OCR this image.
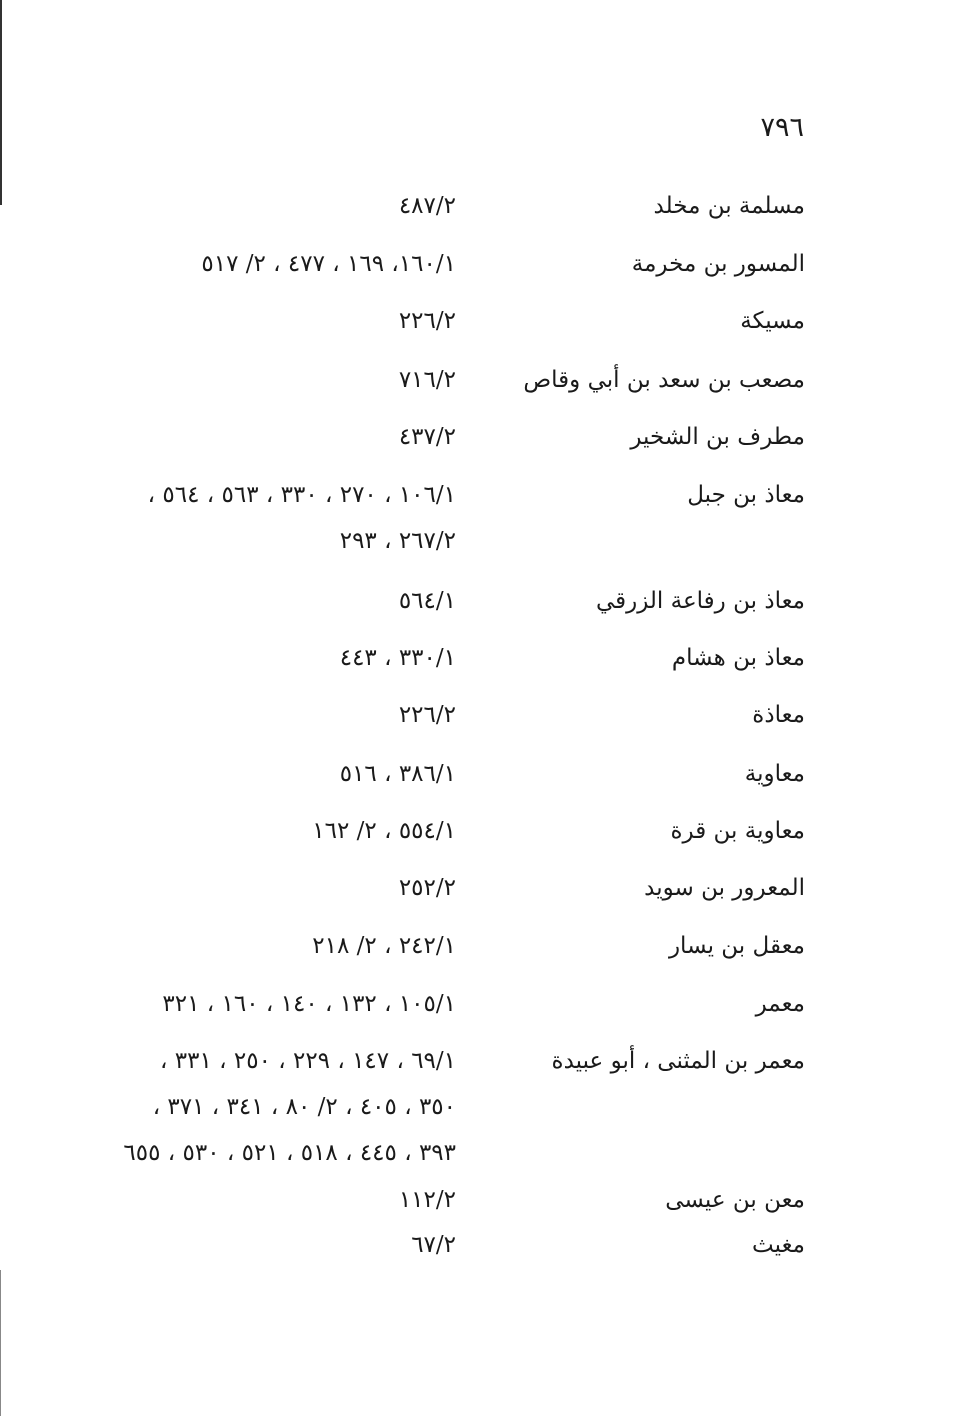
٧٩٦
مسلمة بن مخلد
٤٨٧/٢
المسور بن مخرمة
١٦٠/١، ١٦٩ ، ٤٧٧ ، ٢/ ٥١٧
مسيكة
٢٢٦/٢
مصعب بن سعد بن أبي وقاص
٧١٦/٢
مطرف بن الشخير
٤٣٧/٢
معاذ بن جبل
١٠٦/١ ، ٢٧٠ ، ٣٣٠ ، ٥٦٣ ، ٥٦٤ ،
٢٦٧/٢ ، ٢٩٣
معاذ بن رفاعة الزرقي
٥٦٤/١
معاذ بن هشام
٣٣٠/١ ، ٤٤٣
معاذة
٢٢٦/٢
معاوية
٣٨٦/١ ، ٥١٦
معاوية بن قرة
٥٥٤/١ ، ٢/ ١٦٢
المعرور بن سويد
٢٥٢/٢
معقل بن يسار
٢٤٢/١ ، ٢/ ٢١٨
معمر
١٠٥/١ ، ١٣٢ ، ١٤٠ ، ١٦٠ ، ٣٢١
معمر بن المثنى ، أبو عبيدة
٦٩/١ ، ١٤٧ ، ٢٢٩ ، ٢٥٠ ، ٣٣١ ،
٣٥٠ ، ٤٠٥ ، ٢/ ٨٠ ، ٣٤١ ، ٣٧١ ،
٣٩٣ ، ٤٤٥ ، ٥١٨ ، ٥٢١ ، ٥٣٠ ، ٦٥٥
معن بن عيسى
١١٢/٢
مغيث
٦٧/٢
